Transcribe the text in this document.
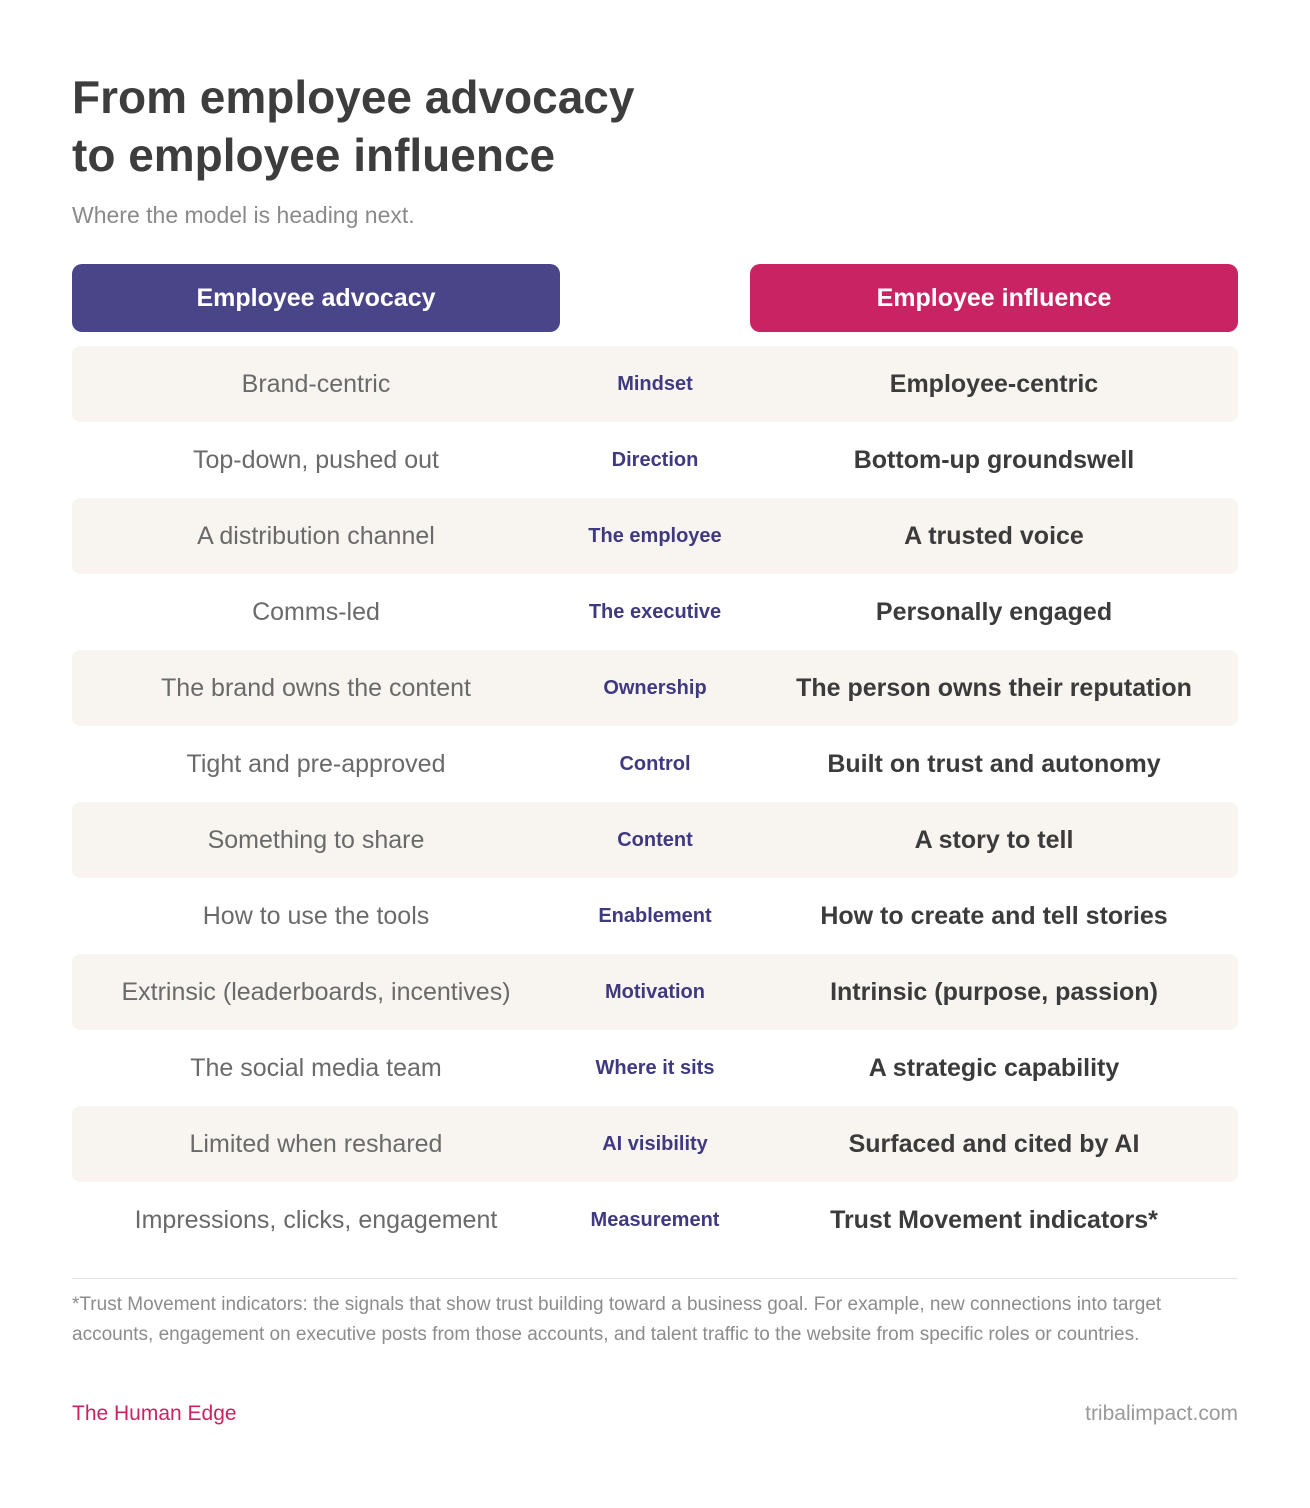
From employee advocacy
to employee influence
Where the model is heading next.
Employee advocacy	Employee influence
Brand-centric	Mindset	Employee-centric
Top-down, pushed out	Direction	Bottom-up groundswell
A distribution channel	The employee	A trusted voice
Comms-led	The executive	Personally engaged
The brand owns the content	Ownership	The person owns their reputation
Tight and pre-approved	Control	Built on trust and autonomy
Something to share	Content	A story to tell
How to use the tools	Enablement	How to create and tell stories
Extrinsic (leaderboards, incentives)	Motivation	Intrinsic (purpose, passion)
The social media team	Where it sits	A strategic capability
Limited when reshared	AI visibility	Surfaced and cited by AI
Impressions, clicks, engagement	Measurement	Trust Movement indicators*
*Trust Movement indicators: the signals that show trust building toward a business goal. For example, new connections into target accounts, engagement on executive posts from those accounts, and talent traffic to the website from specific roles or countries.
The Human Edge	tribalimpact.com
